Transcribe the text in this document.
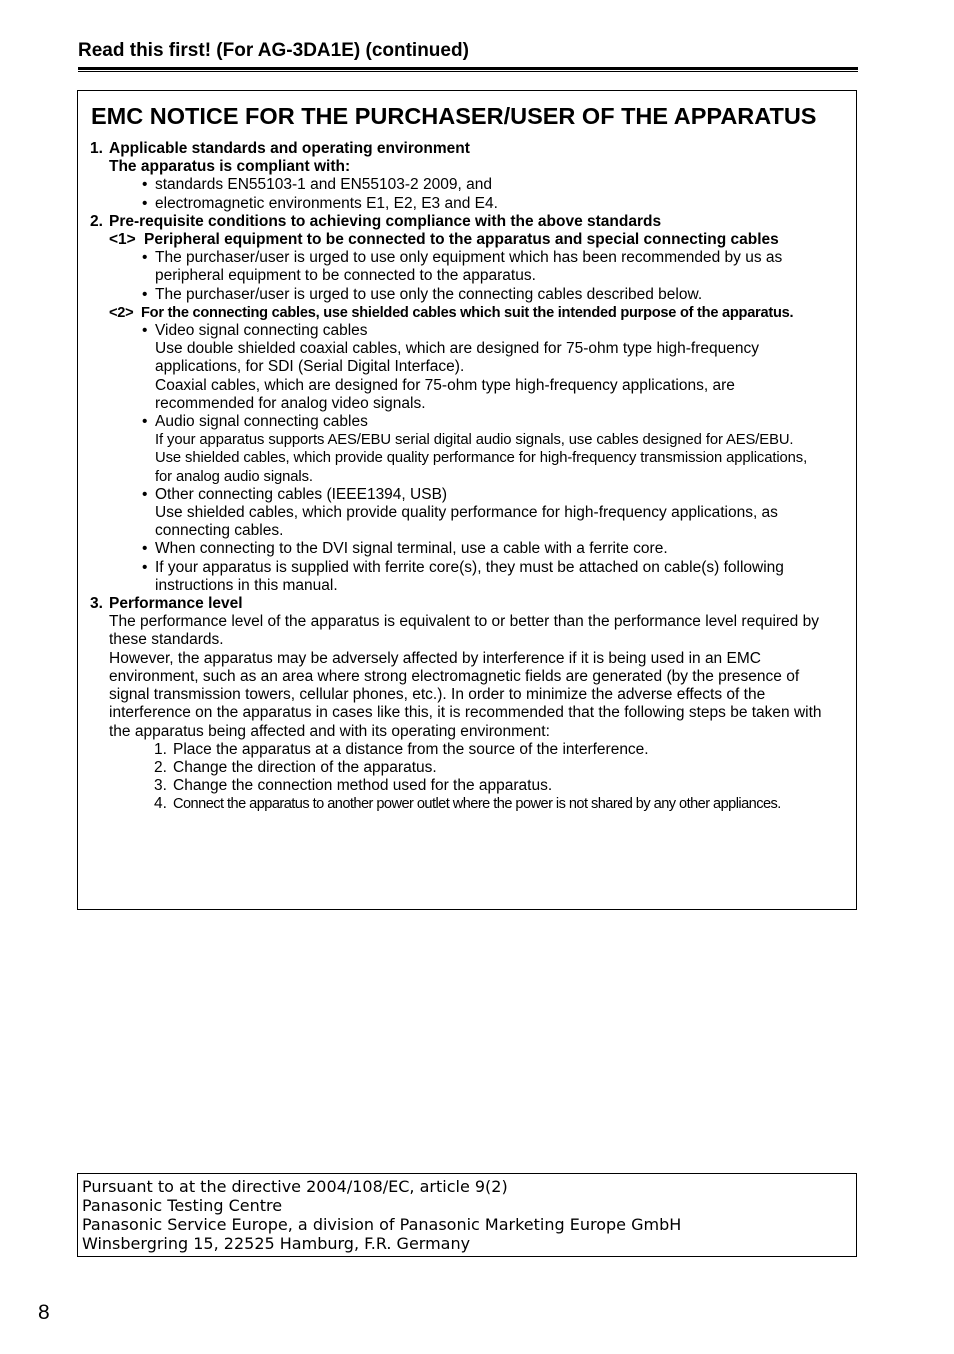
Read this first! (For AG-3DA1E) (continued)
EMC NOTICE FOR THE PURCHASER/USER OF THE APPARATUS
1. Applicable standards and operating environment
The apparatus is compliant with:
• standards EN55103-1 and EN55103-2 2009, and
• electromagnetic environments E1, E2, E3 and E4.
2. Pre-requisite conditions to achieving compliance with the above standards
<1> Peripheral equipment to be connected to the apparatus and special connecting cables
• The purchaser/user is urged to use only equipment which has been recommended by us as peripheral equipment to be connected to the apparatus.
• The purchaser/user is urged to use only the connecting cables described below.
<2> For the connecting cables, use shielded cables which suit the intended purpose of the apparatus.
• Video signal connecting cables
Use double shielded coaxial cables, which are designed for 75-ohm type high-frequency applications, for SDI (Serial Digital Interface).
Coaxial cables, which are designed for 75-ohm type high-frequency applications, are recommended for analog video signals.
• Audio signal connecting cables
If your apparatus supports AES/EBU serial digital audio signals, use cables designed for AES/EBU.
Use shielded cables, which provide quality performance for high-frequency transmission applications, for analog audio signals.
• Other connecting cables (IEEE1394, USB)
Use shielded cables, which provide quality performance for high-frequency applications, as connecting cables.
• When connecting to the DVI signal terminal, use a cable with a ferrite core.
• If your apparatus is supplied with ferrite core(s), they must be attached on cable(s) following instructions in this manual.
3. Performance level
The performance level of the apparatus is equivalent to or better than the performance level required by these standards.
However, the apparatus may be adversely affected by interference if it is being used in an EMC environment, such as an area where strong electromagnetic fields are generated (by the presence of signal transmission towers, cellular phones, etc.). In order to minimize the adverse effects of the interference on the apparatus in cases like this, it is recommended that the following steps be taken with the apparatus being affected and with its operating environment:
1. Place the apparatus at a distance from the source of the interference.
2. Change the direction of the apparatus.
3. Change the connection method used for the apparatus.
4. Connect the apparatus to another power outlet where the power is not shared by any other appliances.
Pursuant to at the directive 2004/108/EC, article 9(2)
Panasonic Testing Centre
Panasonic Service Europe, a division of Panasonic Marketing Europe GmbH
Winsbergring 15, 22525 Hamburg, F.R. Germany
8
